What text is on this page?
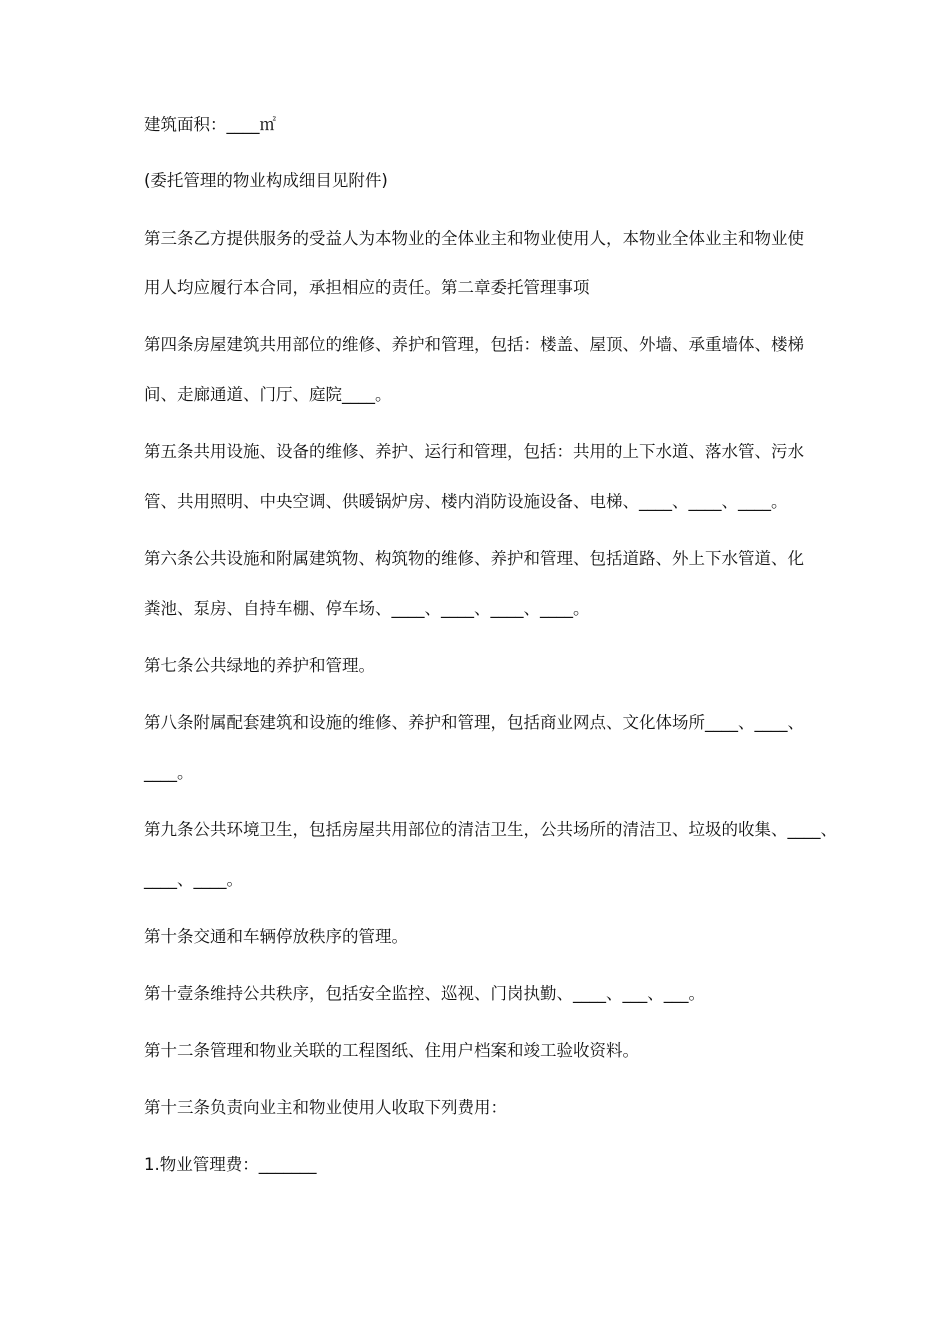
建筑面积：____㎡
(委托管理的物业构成细目见附件)
第三条乙方提供服务的受益人为本物业的全体业主和物业使用人，本物业全体业主和物业使
用人均应履行本合同，承担相应的责任。第二章委托管理事项
第四条房屋建筑共用部位的维修、养护和管理，包括：楼盖、屋顶、外墙、承重墙体、楼梯
间、走廊通道、门厅、庭院____。
第五条共用设施、设备的维修、养护、运行和管理，包括：共用的上下水道、落水管、污水
管、共用照明、中央空调、供暖锅炉房、楼内消防设施设备、电梯、____、____、____。
第六条公共设施和附属建筑物、构筑物的维修、养护和管理、包括道路、外上下水管道、化
粪池、泵房、自持车棚、停车场、____、____、____、____。
第七条公共绿地的养护和管理。
第八条附属配套建筑和设施的维修、养护和管理，包括商业网点、文化体场所____、____、
____。
第九条公共环境卫生，包括房屋共用部位的清洁卫生，公共场所的清洁卫、垃圾的收集、____、
____、____。
第十条交通和车辆停放秩序的管理。
第十壹条维持公共秩序，包括安全监控、巡视、门岗执勤、____、___、___。
第十二条管理和物业关联的工程图纸、住用户档案和竣工验收资料。
第十三条负责向业主和物业使用人收取下列费用：
1.物业管理费：_______
